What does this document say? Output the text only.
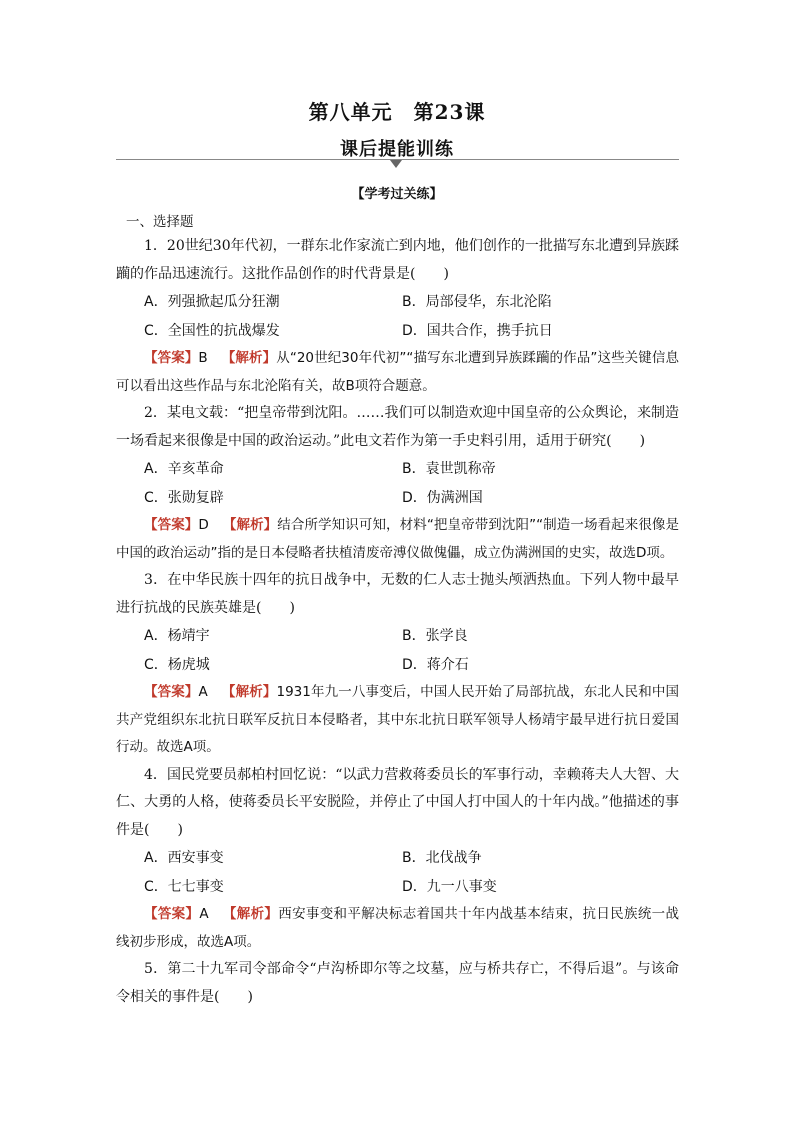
第八单元　第23课
课后提能训练
【学考过关练】
一、选择题

1．20世纪30年代初，一群东北作家流亡到内地，他们创作的一批描写东北遭到异族蹂躏的作品迅速流行。这批作品创作的时代背景是(　　)

A．列强掀起瓜分狂潮	B．局部侵华，东北沦陷
C．全国性的抗战爆发	D．国共合作，携手抗日

【答案】B 【解析】从“20世纪30年代初”“描写东北遭到异族蹂躏的作品”这些关键信息可以看出这些作品与东北沦陷有关，故B项符合题意。

2．某电文载：“把皇帝带到沈阳。……我们可以制造欢迎中国皇帝的公众舆论，来制造一场看起来很像是中国的政治运动。”此电文若作为第一手史料引用，适用于研究(　　)

A．辛亥革命	B．袁世凯称帝
C．张勋复辟	D．伪满洲国

【答案】D 【解析】结合所学知识可知，材料“把皇帝带到沈阳”“制造一场看起来很像是中国的政治运动”指的是日本侵略者扶植清废帝溥仪做傀儡，成立伪满洲国的史实，故选D项。

3．在中华民族十四年的抗日战争中，无数的仁人志士抛头颅洒热血。下列人物中最早进行抗战的民族英雄是(　　)

A．杨靖宇	B．张学良
C．杨虎城	D．蒋介石

【答案】A 【解析】1931年九一八事变后，中国人民开始了局部抗战，东北人民和中国共产党组织东北抗日联军反抗日本侵略者，其中东北抗日联军领导人杨靖宇最早进行抗日爱国行动。故选A项。

4．国民党要员郝柏村回忆说：“以武力营救蒋委员长的军事行动，幸赖蒋夫人大智、大仁、大勇的人格，使蒋委员长平安脱险，并停止了中国人打中国人的十年内战。”他描述的事件是(　　)

A．西安事变	B．北伐战争
C．七七事变	D．九一八事变

【答案】A 【解析】西安事变和平解决标志着国共十年内战基本结束，抗日民族统一战线初步形成，故选A项。

5．第二十九军司令部命令“卢沟桥即尔等之坟墓，应与桥共存亡，不得后退”。与该命令相关的事件是(　　)
